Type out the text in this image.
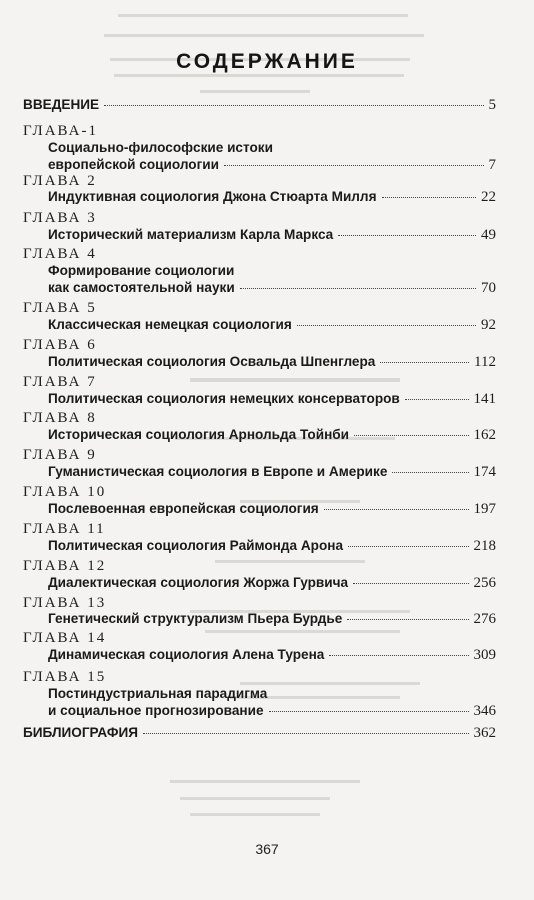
СОДЕРЖАНИЕ
ВВЕДЕНИЕ	5
ГЛАВА-1
Социально-философские истоки
европейской социологии	7
ГЛАВА 2
Индуктивная социология Джона Стюарта Милля	22
ГЛАВА 3
Исторический материализм Карла Маркса	49
ГЛАВА 4
Формирование социологии
как самостоятельной науки	70
ГЛАВА 5
Классическая немецкая социология	92
ГЛАВА 6
Политическая социология Освальда Шпенглера	112
ГЛАВА 7
Политическая социология немецких консерваторов	141
ГЛАВА 8
Историческая социология Арнольда Тойнби	162
ГЛАВА 9
Гуманистическая социология в Европе и Америке	174
ГЛАВА 10
Послевоенная европейская социология	197
ГЛАВА 11
Политическая социология Раймонда Арона	218
ГЛАВА 12
Диалектическая социология Жоржа Гурвича	256
ГЛАВА 13
Генетический структурализм Пьера Бурдье	276
ГЛАВА 14
Динамическая социология Алена Турена	309
ГЛАВА 15
Постиндустриальная парадигма
и социальное прогнозирование	346
БИБЛИОГРАФИЯ	362
367
